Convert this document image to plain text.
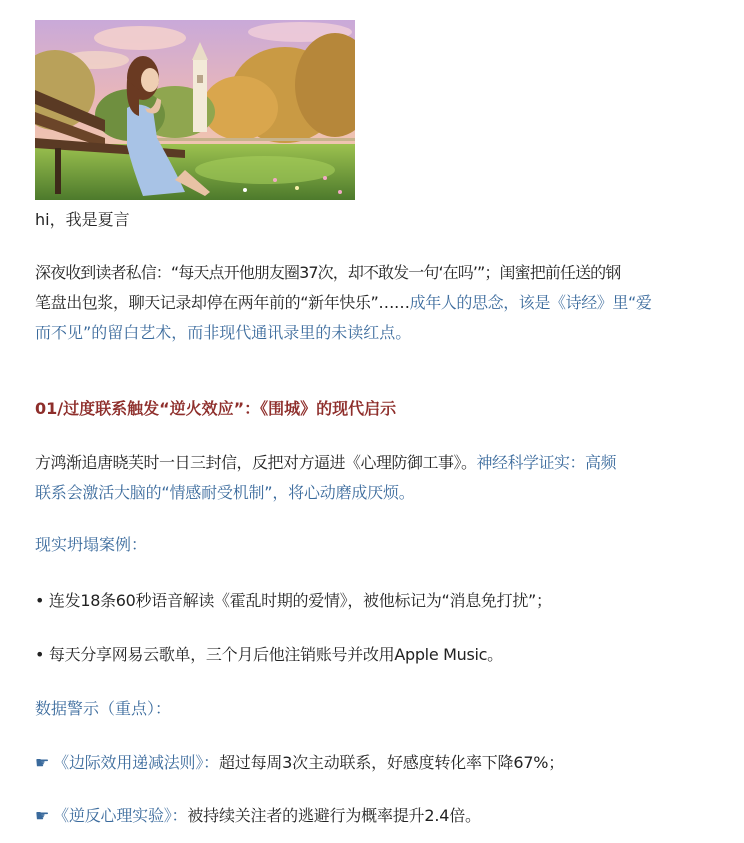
hi，我是夏言

深夜收到读者私信：“每天点开他朋友圈37次，却不敢发一句‘在吗’”；闺蜜把前任送的钢

笔盘出包浆，聊天记录却停在两年前的“新年快乐”……成年人的思念，该是《诗经》里“爱

而不见”的留白艺术，而非现代通讯录里的未读红点。

01/过度联系触发“逆火效应”：《围城》的现代启示

方鸿渐追唐晓芙时一日三封信，反把对方逼进《心理防御工事》。神经科学证实：高频

联系会激活大脑的“情感耐受机制”，将心动磨成厌烦。

现实坍塌案例：
• 连发18条60秒语音解读《霍乱时期的爱情》，被他标记为“消息免打扰”；
• 每天分享网易云歌单，三个月后他注销账号并改用Apple Music。
数据警示（重点）：
☛ 《边际效用递减法则》：超过每周3次主动联系，好感度转化率下降67%；
☛ 《逆反心理实验》：被持续关注者的逃避行为概率提升2.4倍。
